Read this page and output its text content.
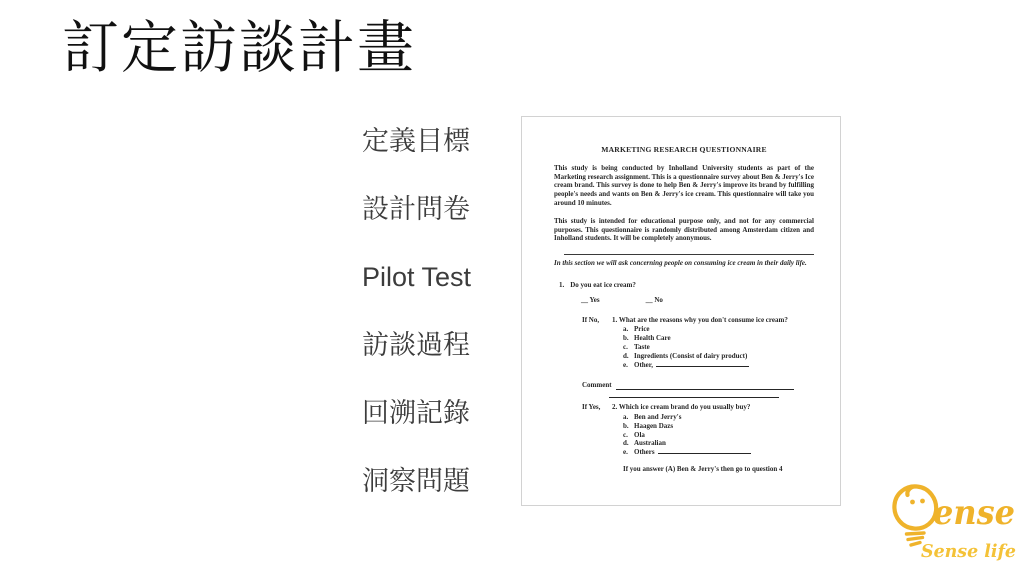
訂定訪談計畫
定義目標
設計問卷
Pilot Test
訪談過程
回溯記錄
洞察問題
MARKETING RESEARCH QUESTIONNAIRE

This study is being conducted by Inholland University students as part of the Marketing research assignment. This is a questionnaire survey about Ben & Jerry's Ice cream brand. This survey is done to help Ben & Jerry's improve its brand by fulfilling people's needs and wants on Ben & Jerry's ice cream. This questionnaire will take you around 10 minutes.

This study is intended for educational purpose only, and not for any commercial purposes. This questionnaire is randomly distributed among Amsterdam citizen and Inholland students. It will be completely anonymous.

In this section we will ask concerning people on consuming ice cream in their daily life.

1. Do you eat ice cream?
__ Yes	__ No
If No,	1. What are the reasons why you don't consume ice cream?
a. Price
b. Health Care
c. Taste
d. Ingredients (Consist of dairy product)
e. Other,
Comment
If Yes,	2. Which ice cream brand do you usually buy?
a. Ben and Jerry's
b. Haagen Dazs
c. Ola
d. Australian
e. Others
If you answer (A) Ben & Jerry's then go to question 4
ense
Sense life
